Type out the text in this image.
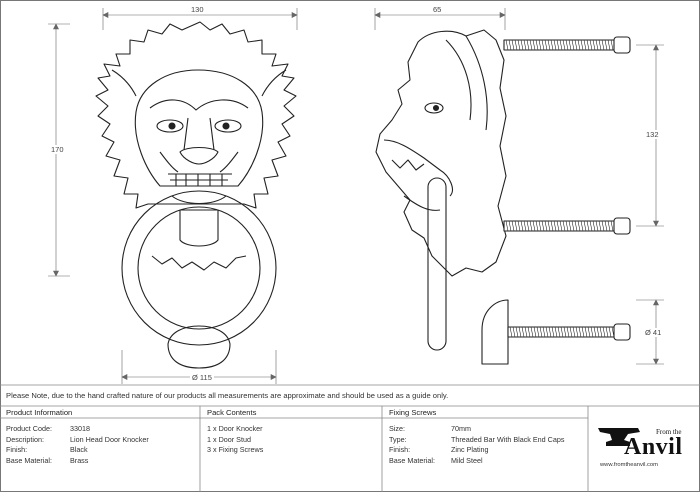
130
170
Ø 115
65
132
Ø 41
Please Note, due to the hand crafted nature of our products all measurements are approximate and should be used as a guide only.
Product Information
Product Code:	33018
Description:	Lion Head Door Knocker
Finish:	Black
Base Material:	Brass
Pack Contents
1 x Door Knocker
1 x Door Stud
3 x Fixing Screws
Fixing Screws
Size:	70mm
Type:	Threaded Bar With Black End Caps
Finish:	Zinc Plating
Base Material:	Mild Steel
From the
Anvil
www.fromtheanvil.com
